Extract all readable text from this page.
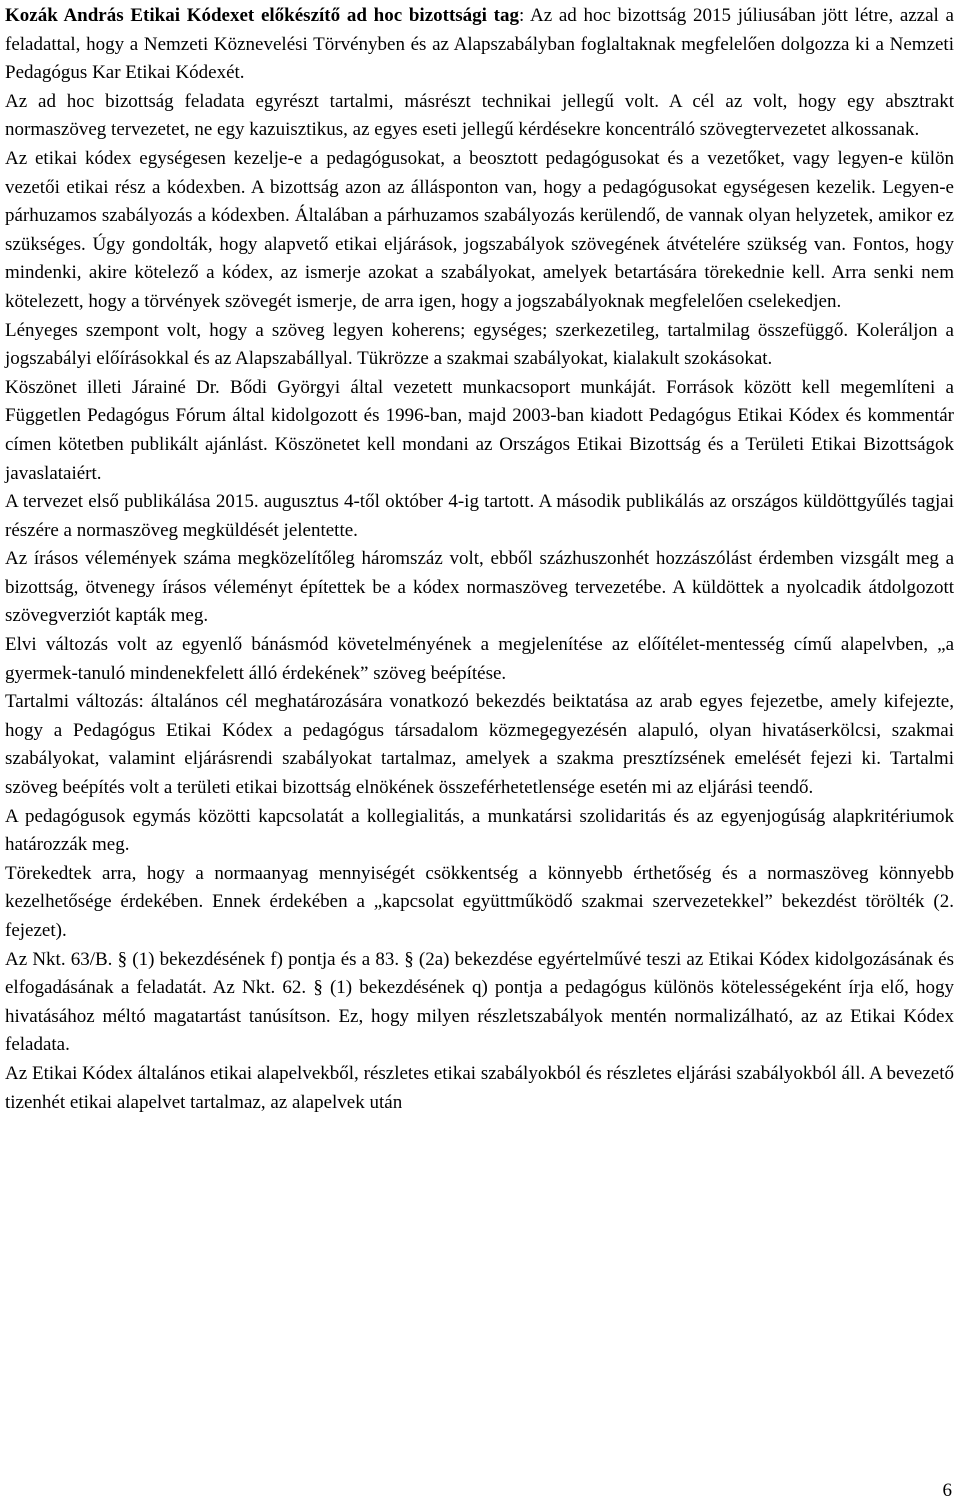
Kozák András Etikai Kódexet előkészítő ad hoc bizottsági tag: Az ad hoc bizottság 2015 júliusában jött létre, azzal a feladattal, hogy a Nemzeti Köznevelési Törvényben és az Alapszabályban foglaltaknak megfelelően dolgozza ki a Nemzeti Pedagógus Kar Etikai Kódexét.

Az ad hoc bizottság feladata egyrészt tartalmi, másrészt technikai jellegű volt. A cél az volt, hogy egy absztrakt normaszöveg tervezetet, ne egy kazuisztikus, az egyes eseti jellegű kérdésekre koncentráló szövegtervezetet alkossanak.

Az etikai kódex egységesen kezelje-e a pedagógusokat, a beosztott pedagógusokat és a vezetőket, vagy legyen-e külön vezetői etikai rész a kódexben. A bizottság azon az állásponton van, hogy a pedagógusokat egységesen kezelik. Legyen-e párhuzamos szabályozás a kódexben. Általában a párhuzamos szabályozás kerülendő, de vannak olyan helyzetek, amikor ez szükséges. Úgy gondolták, hogy alapvető etikai eljárások, jogszabályok szövegének átvételére szükség van. Fontos, hogy mindenki, akire kötelező a kódex, az ismerje azokat a szabályokat, amelyek betartására törekednie kell. Arra senki nem kötelezett, hogy a törvények szövegét ismerje, de arra igen, hogy a jogszabályoknak megfelelően cselekedjen.

Lényeges szempont volt, hogy a szöveg legyen koherens; egységes; szerkezetileg, tartalmilag összefüggő. Koleráljon a jogszabályi előírásokkal és az Alapszabállyal. Tükrözze a szakmai szabályokat, kialakult szokásokat.

Köszönet illeti Járainé Dr. Bődi Györgyi által vezetett munkacsoport munkáját. Források között kell megemlíteni a Független Pedagógus Fórum által kidolgozott és 1996-ban, majd 2003-ban kiadott Pedagógus Etikai Kódex és kommentár címen kötetben publikált ajánlást. Köszönetet kell mondani az Országos Etikai Bizottság és a Területi Etikai Bizottságok javaslataiért.

A tervezet első publikálása 2015. augusztus 4-től október 4-ig tartott. A második publikálás az országos küldöttgyűlés tagjai részére a normaszöveg megküldését jelentette.

Az írásos vélemények száma megközelítőleg háromszáz volt, ebből százhuszonhét hozzászólást érdemben vizsgált meg a bizottság, ötvenegy írásos véleményt építettek be a kódex normaszöveg tervezetébe. A küldöttek a nyolcadik átdolgozott szövegverziót kapták meg.

Elvi változás volt az egyenlő bánásmód követelményének a megjelenítése az előítélet-mentesség című alapelvben, „a gyermek-tanuló mindenekfelett álló érdekének” szöveg beépítése.

Tartalmi változás: általános cél meghatározására vonatkozó bekezdés beiktatása az arab egyes fejezetbe, amely kifejezte, hogy a Pedagógus Etikai Kódex a pedagógus társadalom közmegegyezésén alapuló, olyan hivatáserkölcsi, szakmai szabályokat, valamint eljárásrendi szabályokat tartalmaz, amelyek a szakma presztízsének emelését fejezi ki. Tartalmi szöveg beépítés volt a területi etikai bizottság elnökének összeférhetetlensége esetén mi az eljárási teendő.

A pedagógusok egymás közötti kapcsolatát a kollegialitás, a munkatársi szolidaritás és az egyenjogúság alapkritériumok határozzák meg.

Törekedtek arra, hogy a normaanyag mennyiségét csökkentség a könnyebb érthetőség és a normaszöveg könnyebb kezelhetősége érdekében. Ennek érdekében a „kapcsolat együttműködő szakmai szervezetekkel” bekezdést törölték (2. fejezet).

Az Nkt. 63/B. § (1) bekezdésének f) pontja és a 83. § (2a) bekezdése egyértelművé teszi az Etikai Kódex kidolgozásának és elfogadásának a feladatát. Az Nkt. 62. § (1) bekezdésének q) pontja a pedagógus különös kötelességeként írja elő, hogy hivatásához méltó magatartást tanúsítson. Ez, hogy milyen részletszabályok mentén normalizálható, az az Etikai Kódex feladata.

Az Etikai Kódex általános etikai alapelvekből, részletes etikai szabályokból és részletes eljárási szabályokból áll. A bevezető tizenhét etikai alapelvet tartalmaz, az alapelvek után

6
